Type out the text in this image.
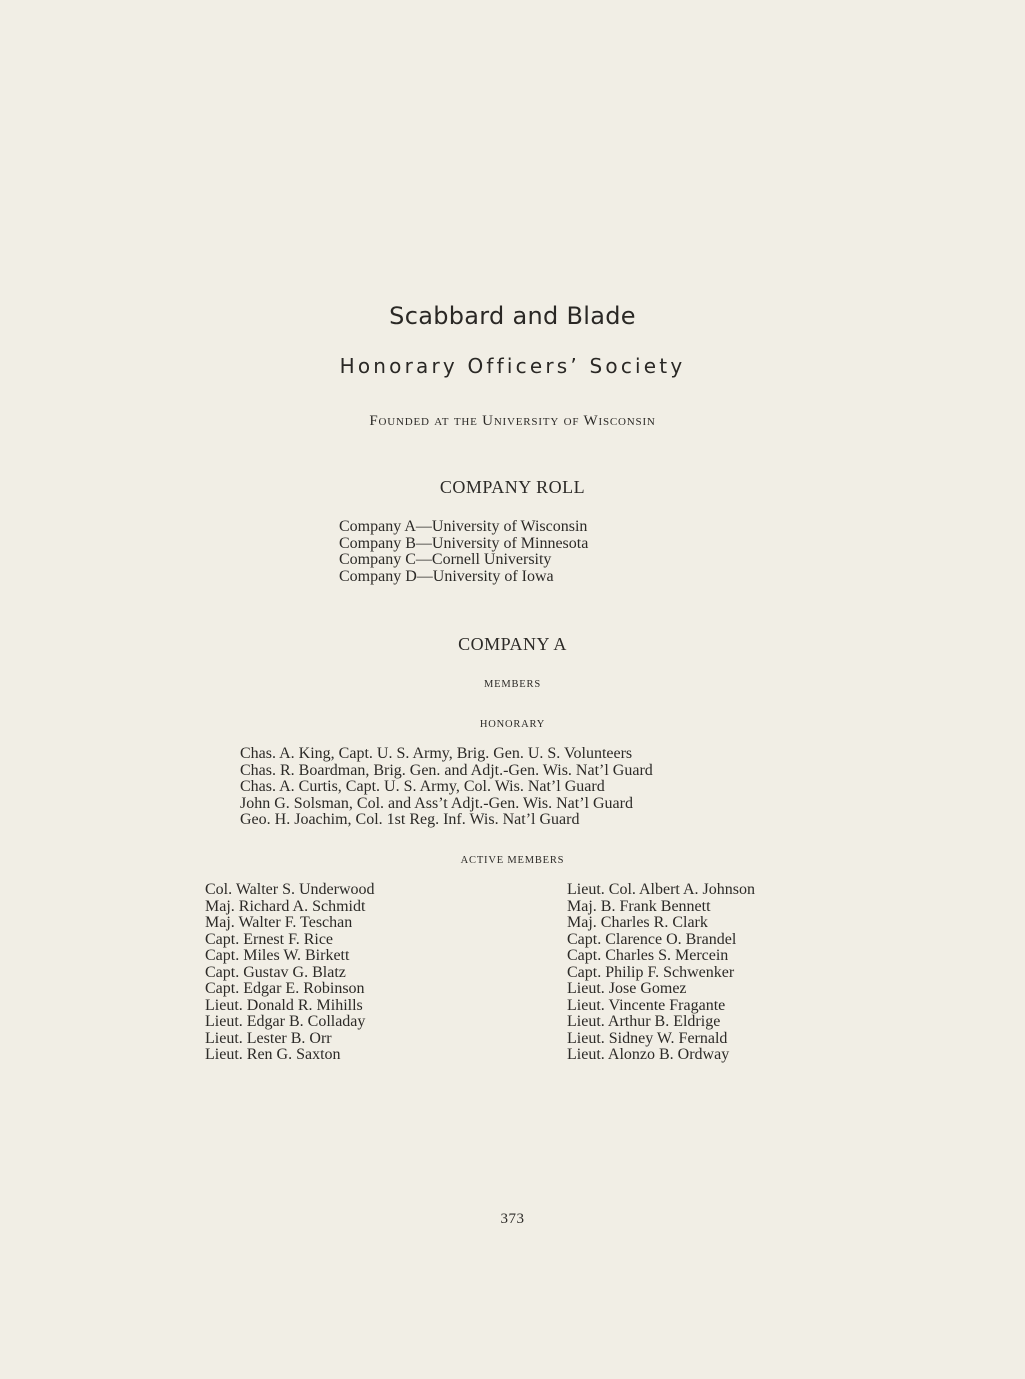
Scabbard and Blade
Honorary Officers’ Society
Founded at the University of Wisconsin
COMPANY ROLL
Company A—University of Wisconsin
Company B—University of Minnesota
Company C—Cornell University
Company D—University of Iowa
COMPANY A
MEMBERS
HONORARY
Chas. A. King, Capt. U. S. Army, Brig. Gen. U. S. Volunteers
Chas. R. Boardman, Brig. Gen. and Adjt.-Gen. Wis. Nat’l Guard
Chas. A. Curtis, Capt. U. S. Army, Col. Wis. Nat’l Guard
John G. Solsman, Col. and Ass’t Adjt.-Gen. Wis. Nat’l Guard
Geo. H. Joachim, Col. 1st Reg. Inf. Wis. Nat’l Guard
ACTIVE MEMBERS
Col. Walter S. Underwood
Maj. Richard A. Schmidt
Maj. Walter F. Teschan
Capt. Ernest F. Rice
Capt. Miles W. Birkett
Capt. Gustav G. Blatz
Capt. Edgar E. Robinson
Lieut. Donald R. Mihills
Lieut. Edgar B. Colladay
Lieut. Lester B. Orr
Lieut. Ren G. Saxton
Lieut. Col. Albert A. Johnson
Maj. B. Frank Bennett
Maj. Charles R. Clark
Capt. Clarence O. Brandel
Capt. Charles S. Mercein
Capt. Philip F. Schwenker
Lieut. Jose Gomez
Lieut. Vincente Fragante
Lieut. Arthur B. Eldrige
Lieut. Sidney W. Fernald
Lieut. Alonzo B. Ordway
373
